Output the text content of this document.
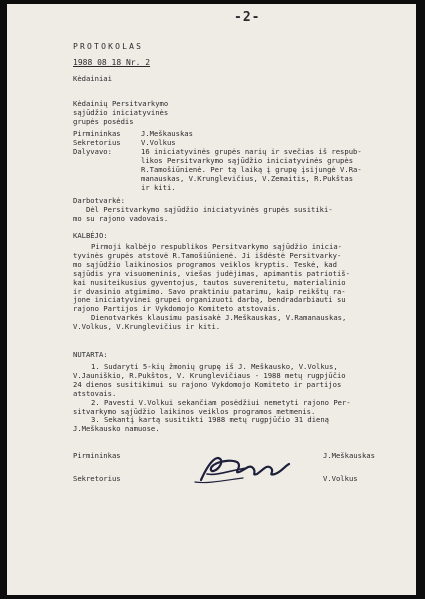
-2-
PROTOKOLAS
1988 08 18 Nr. 2
Kėdainiai
Kėdainių Persitvarkymo
sąjūdžio iniciatyvinės
grupės posėdis
Pirmininkas	J.Meškauskas
Sekretorius	V.Volkus
Dalyvavo:	16 iniciatyvinės grupės narių ir svečias iš respub-
likos Persitvarkymo sąjūdžio iniciatyvinės grupės
R.Tamošiūnienė. Per tą laiką į grupę įsijungė V.Ra-
manauskas, V.Krunglevičius, V.Zemaitis, R.Pukštas
ir kiti.
Darbotvarkė:
Dėl Persitvarkymo sąjūdžio iniciatyvinės grupės susitiki-
mo su rajono vadovais.
KALBĖJO:
Pirmoji kalbėjo respublikos Persitvarkymo sąjūdžio inicia-
tyvinės grupės atstovė R.Tamošiūnienė. Ji išdėstė Persitvarky-
mo sąjūdžio laikinosios programos veiklos kryptis. Teskė, kad
sąjūdis yra visuomeninis, viešas judėjimas, apimantis patriotiš-
kai nusiteikusius gyventojus, tautos suverenitetu, materialinio
ir dvasinio atgimimo. Savo praktiniu patarimu, kaip reikštų ra-
jone iniciatyvinei grupei organizuoti darbą, bendradarbiauti su
rajono Partijos ir Vykdomojo Komiteto atstovais.
Dienotvarkės klausimu pasisakė J.Meškauskas, V.Ramanauskas,
V.Volkus, V.Krunglevičius ir kiti.
NUTARTA:
1. Sudaryti 5-kių žmonių grupę iš J. Meškausko, V.Volkus,
V.Jauniškio, R.Pukštos, V. Krunglevičiaus - 1988 metų rugpjūčio
24 dienos susitikimui su rajono Vykdomojo Komiteto ir partijos
atstovais.
2. Pavesti V.Volkui sekančiam posėdžiui nemetyti rajono Per-
sitvarkymo sąjūdžio laikinos veiklos programos metmenis.
3. Sekantį kartą susitikti 1988 metų rugpjūčio 31 dieną
J.Meškausko namuose.
Pirmininkas	J.Meškauskas
Sekretorius	V.Volkus
